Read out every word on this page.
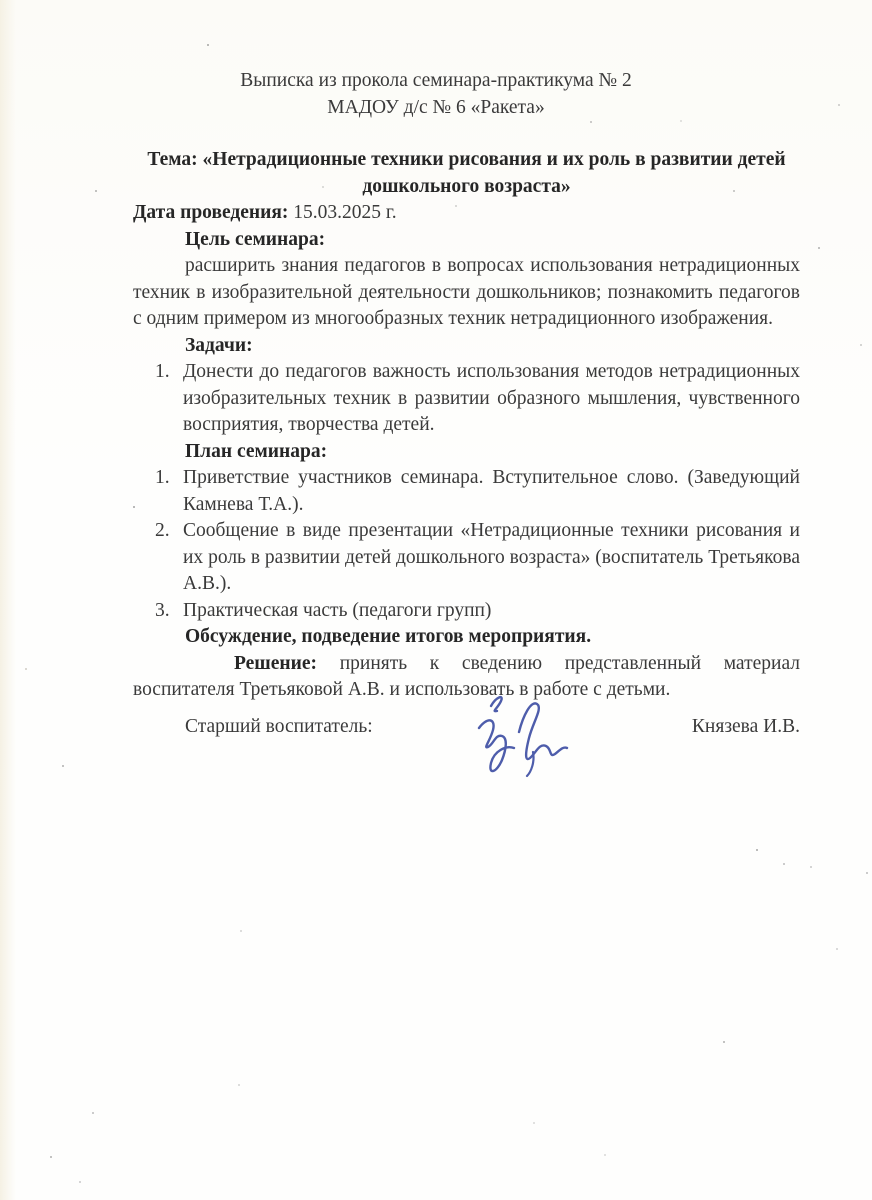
Выписка из прокола семинара-практикума № 2
МАДОУ д/с № 6 «Ракета»
Тема: «Нетрадиционные техники рисования и их роль в развитии детей дошкольного возраста»
Дата проведения: 15.03.2025 г.
Цель семинара:
расширить знания педагогов в вопросах использования нетрадиционных техник в изобразительной деятельности дошкольников; познакомить педагогов с одним примером из многообразных техник нетрадиционного изображения.
Задачи:
1. Донести до педагогов важность использования методов нетрадиционных изобразительных техник в развитии образного мышления, чувственного восприятия, творчества детей.
План семинара:
1. Приветствие участников семинара. Вступительное слово. (Заведующий Камнева Т.А.).
2. Сообщение в виде презентации «Нетрадиционные техники рисования и их роль в развитии детей дошкольного возраста» (воспитатель Третьякова А.В.).
3. Практическая часть (педагоги групп)
Обсуждение, подведение итогов мероприятия.
Решение: принять к сведению представленный материал воспитателя Третьяковой А.В. и использовать в работе с детьми.
Старший воспитатель:	Князева И.В.
